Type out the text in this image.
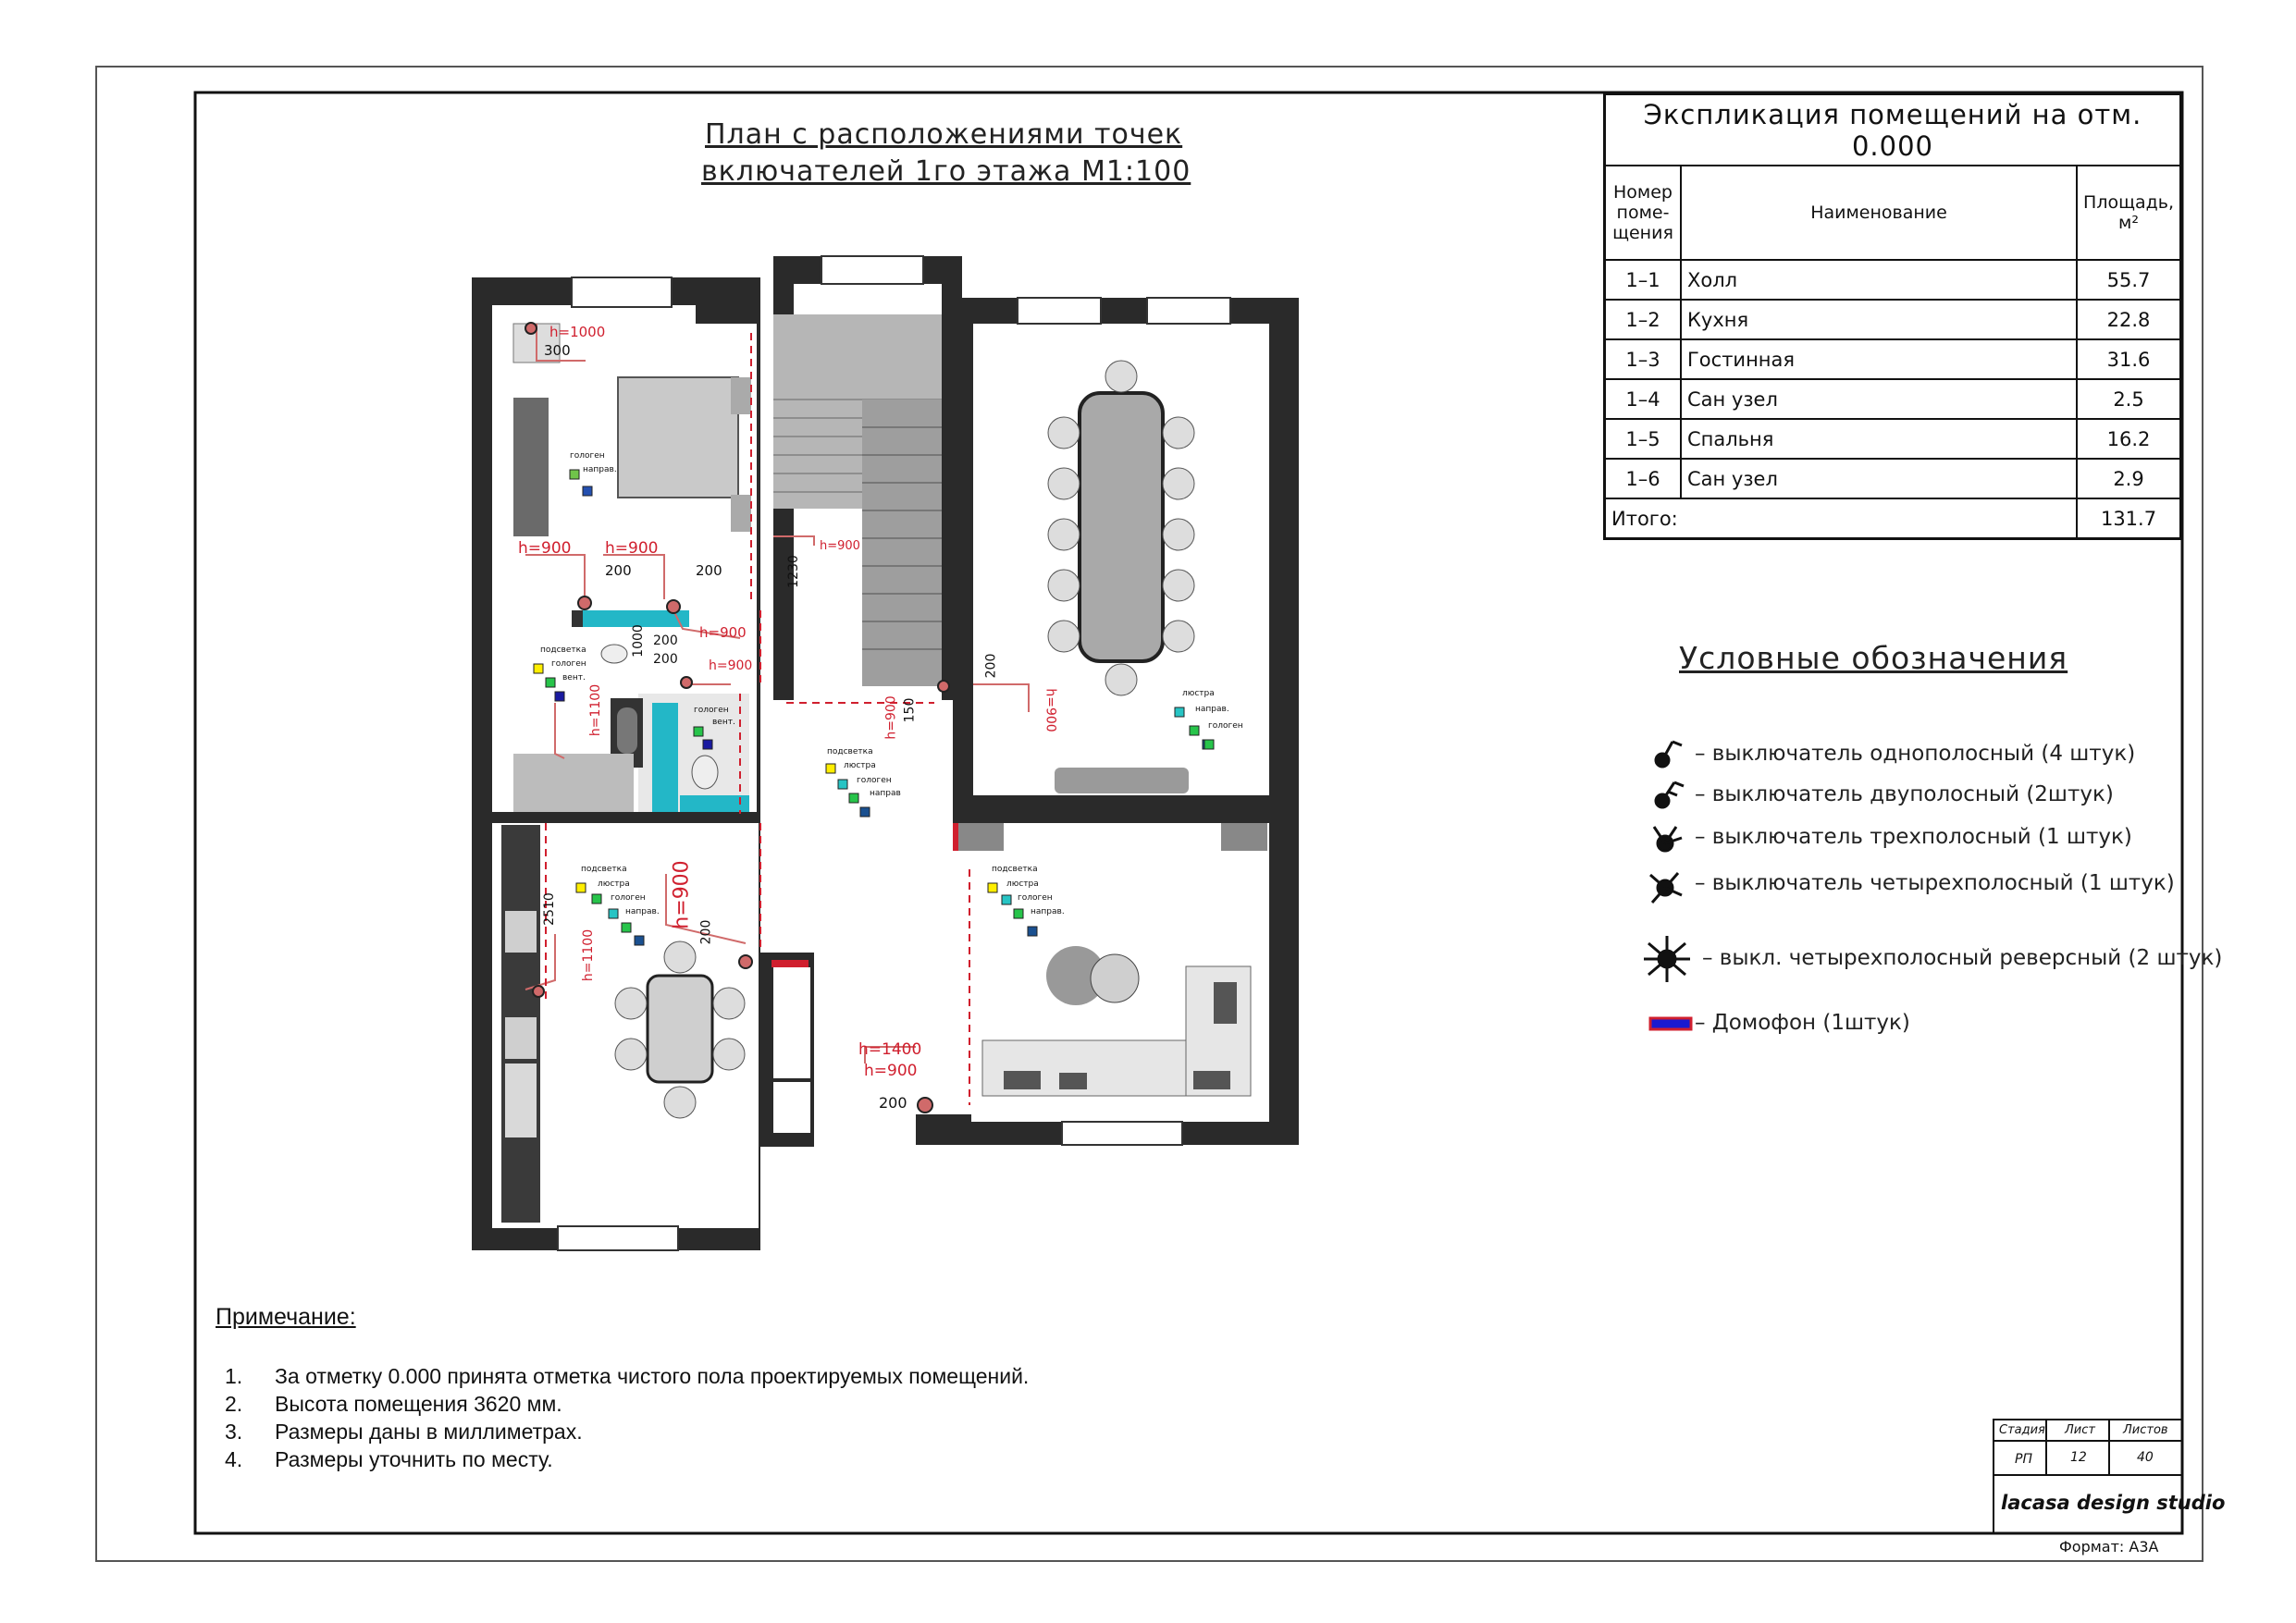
План с расположениями точек
включателей 1го этажа М1:100
h=1000
300
h=900 h=900
200	200
h=900
200
200 h=900
1000
1230
h=900
h=1100	h=900 150
200
h=900
2510
h=1100
h=900
200
h=1400
h=900
200
гологен
направ.
подсветка
гологен
вент.
гологен
вент.
подсветка
люстра
гологен
направ
подсветка
люстра
гологен
направ.
подсветка
люстра
гологен
направ.
люстра
направ.
гологен
Экспликация помещений на отм. 0.000		
Номер поме- щения	Наименование	Площадь, м²
1–1	Холл	55.7
1–2	Кухня	22.8
1–3	Гостинная	31.6
1–4	Сан узел	2.5
1–5	Спальня	16.2
1–6	Сан узел	2.9
Итого:		131.7
Условные обозначения
– выключатель однополосный (4 штук)
– выключатель двуполосный (2штук)
– выключатель трехполосный (1 штук)
– выключатель четырехполосный (1 штук)
– выкл. четырехполосный реверсный (2 штук)
– Домофон (1штук)
Примечание:
1. За отметку 0.000 принята отметка чистого пола проектируемых помещений.
2. Высота помещения 3620 мм.
3. Размеры даны в миллиметрах.
4. Размеры уточнить по месту.
Стадия Лист Листов
РП	12	40
lacasa design studio
Формат: А3А
